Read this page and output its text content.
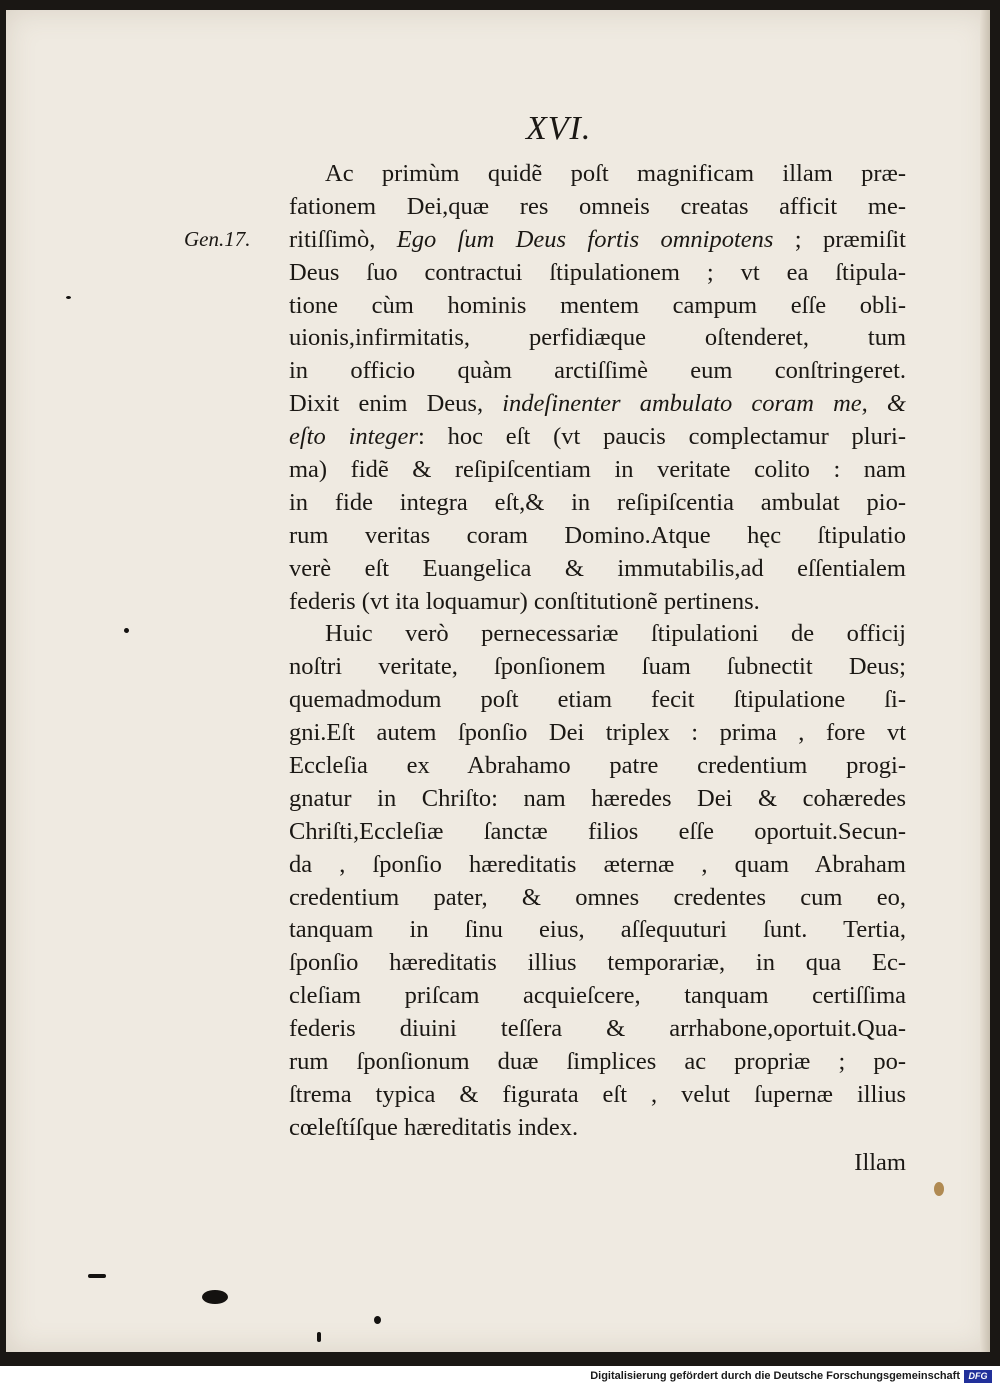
XVI.
Gen.17.
Ac primùm quidẽ poſt magnificam illam præ-
fationem Dei,quæ res omneis creatas afficit me-
ritiſſimò, Ego ſum Deus fortis omnipotens ; præmiſit
Deus ſuo contractui ſtipulationem ; vt ea ſtipula-
tione cùm hominis mentem campum eſſe obli-
uionis,infirmitatis, perfidiæque oſtenderet, tum
in officio quàm arctiſſimè eum conſtringeret.
Dixit enim Deus, indeſinenter ambulato coram me, &
eſto integer: hoc eſt (vt paucis complectamur pluri-
ma) fidẽ & reſipiſcentiam in veritate colito : nam
in fide integra eſt,& in reſipiſcentia ambulat pio-
rum veritas coram Domino.Atque hęc ſtipulatio
verè eſt Euangelica & immutabilis,ad eſſentialem
federis (vt ita loquamur) conſtitutionẽ pertinens.
Huic verò pernecessariæ ſtipulationi de officij
noſtri veritate, ſponſionem ſuam ſubnectit Deus;
quemadmodum poſt etiam fecit ſtipulatione ſi-
gni.Eſt autem ſponſio Dei triplex : prima , fore vt
Eccleſia ex Abrahamo patre credentium progi-
gnatur in Chriſto: nam hæredes Dei & cohæredes
Chriſti,Eccleſiæ ſanctæ filios eſſe oportuit.Secun-
da , ſponſio hæreditatis æternæ , quam Abraham
credentium pater, & omnes credentes cum eo,
tanquam in ſinu eius, aſſequuturi ſunt. Tertia,
ſponſio hæreditatis illius temporariæ, in qua Ec-
cleſiam priſcam acquieſcere, tanquam certiſſima
federis diuini teſſera & arrhabone,oportuit.Qua-
rum ſponſionum duæ ſimplices ac propriæ ; po-
ſtrema typica & figurata eſt , velut ſupernæ illius
cœleſtíſque hæreditatis index.
Illam
Digitalisierung gefördert durch die Deutsche Forschungsgemeinschaft DFG
